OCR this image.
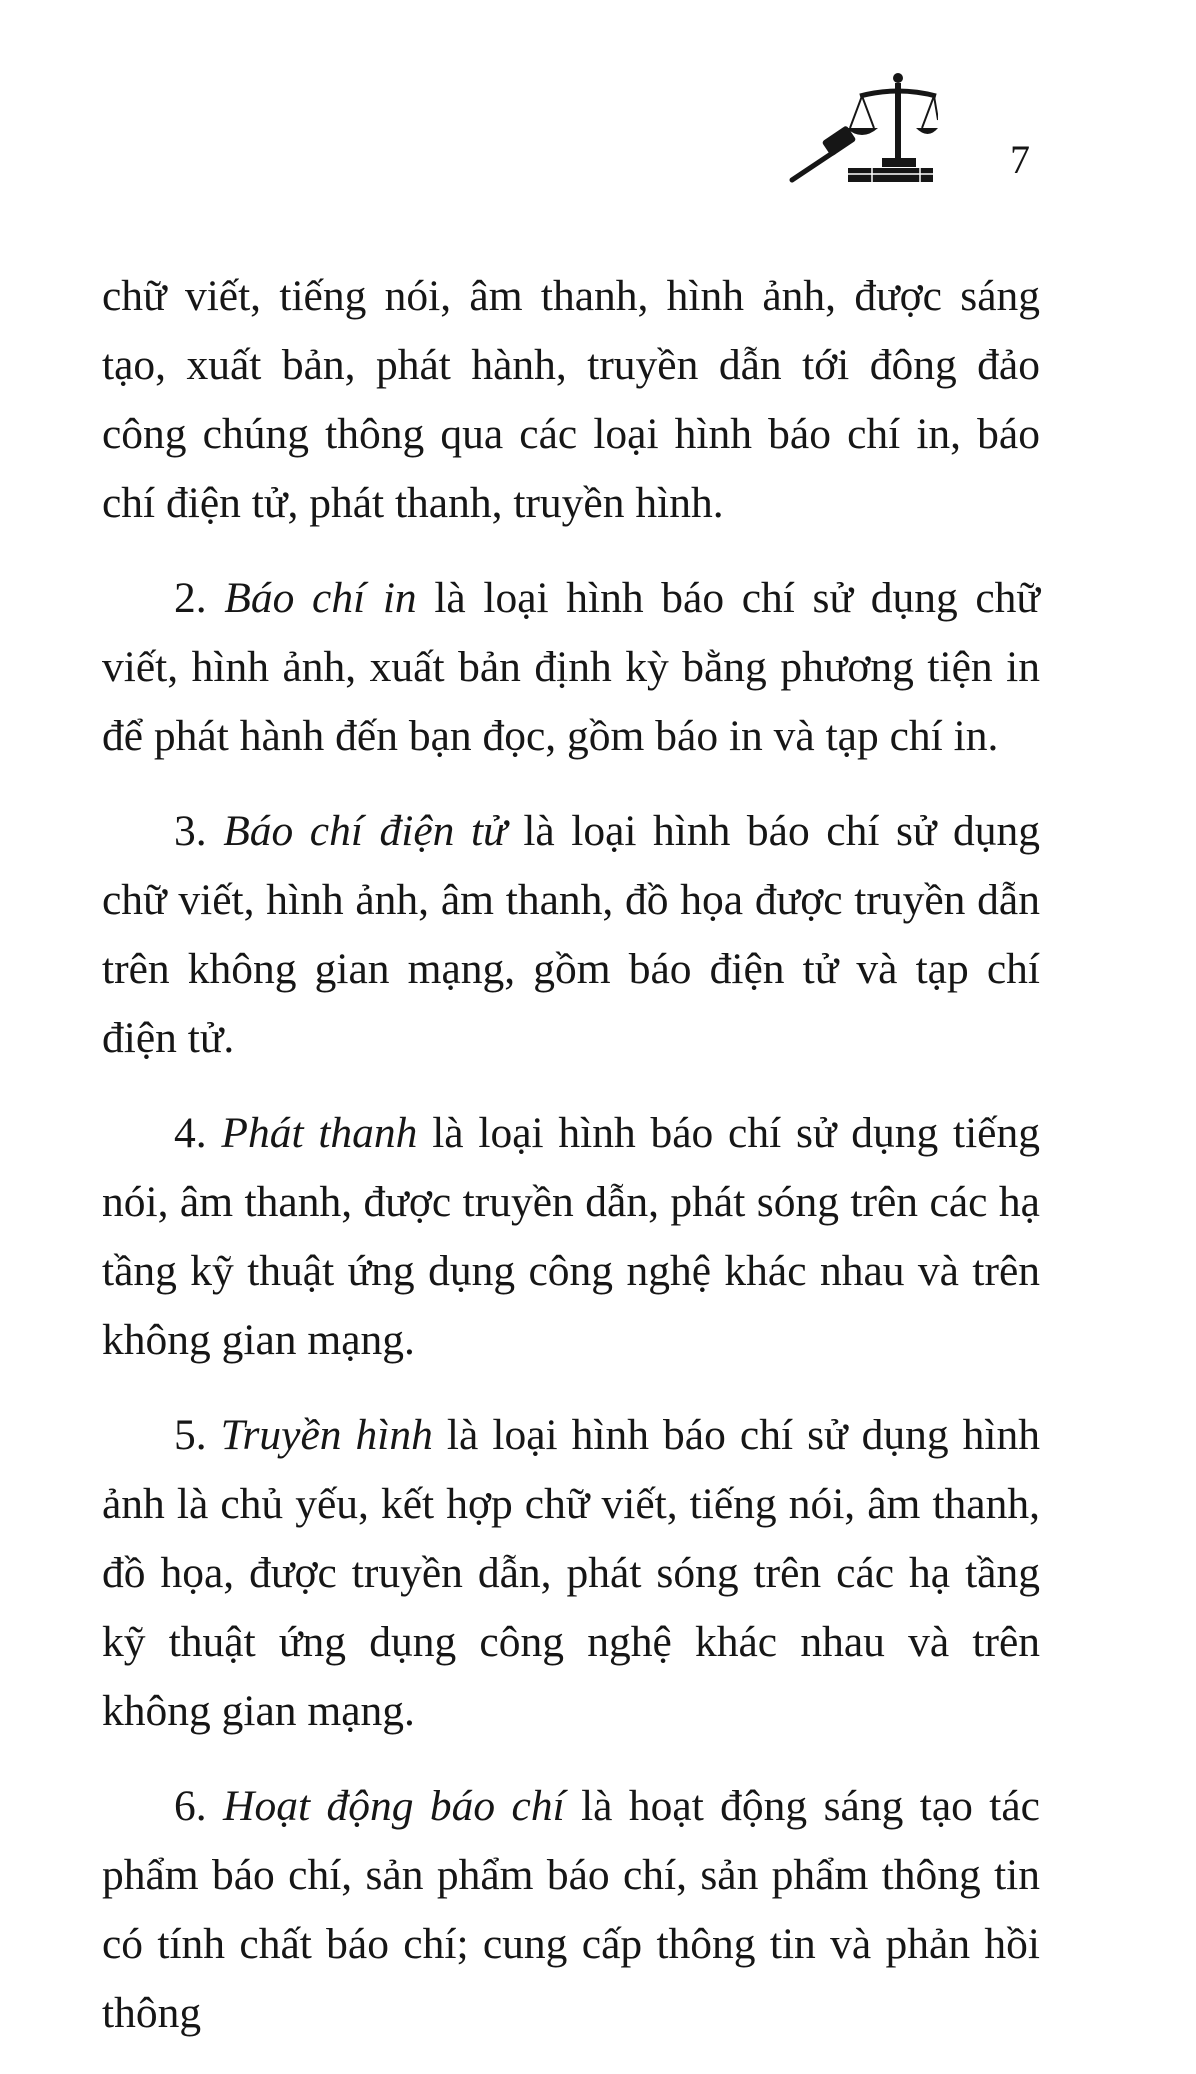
7

chữ viết, tiếng nói, âm thanh, hình ảnh, được sáng tạo, xuất bản, phát hành, truyền dẫn tới đông đảo công chúng thông qua các loại hình báo chí in, báo chí điện tử, phát thanh, truyền hình.

2. Báo chí in là loại hình báo chí sử dụng chữ viết, hình ảnh, xuất bản định kỳ bằng phương tiện in để phát hành đến bạn đọc, gồm báo in và tạp chí in.

3. Báo chí điện tử là loại hình báo chí sử dụng chữ viết, hình ảnh, âm thanh, đồ họa được truyền dẫn trên không gian mạng, gồm báo điện tử và tạp chí điện tử.

4. Phát thanh là loại hình báo chí sử dụng tiếng nói, âm thanh, được truyền dẫn, phát sóng trên các hạ tầng kỹ thuật ứng dụng công nghệ khác nhau và trên không gian mạng.

5. Truyền hình là loại hình báo chí sử dụng hình ảnh là chủ yếu, kết hợp chữ viết, tiếng nói, âm thanh, đồ họa, được truyền dẫn, phát sóng trên các hạ tầng kỹ thuật ứng dụng công nghệ khác nhau và trên không gian mạng.

6. Hoạt động báo chí là hoạt động sáng tạo tác phẩm báo chí, sản phẩm báo chí, sản phẩm thông tin có tính chất báo chí; cung cấp thông tin và phản hồi thông
